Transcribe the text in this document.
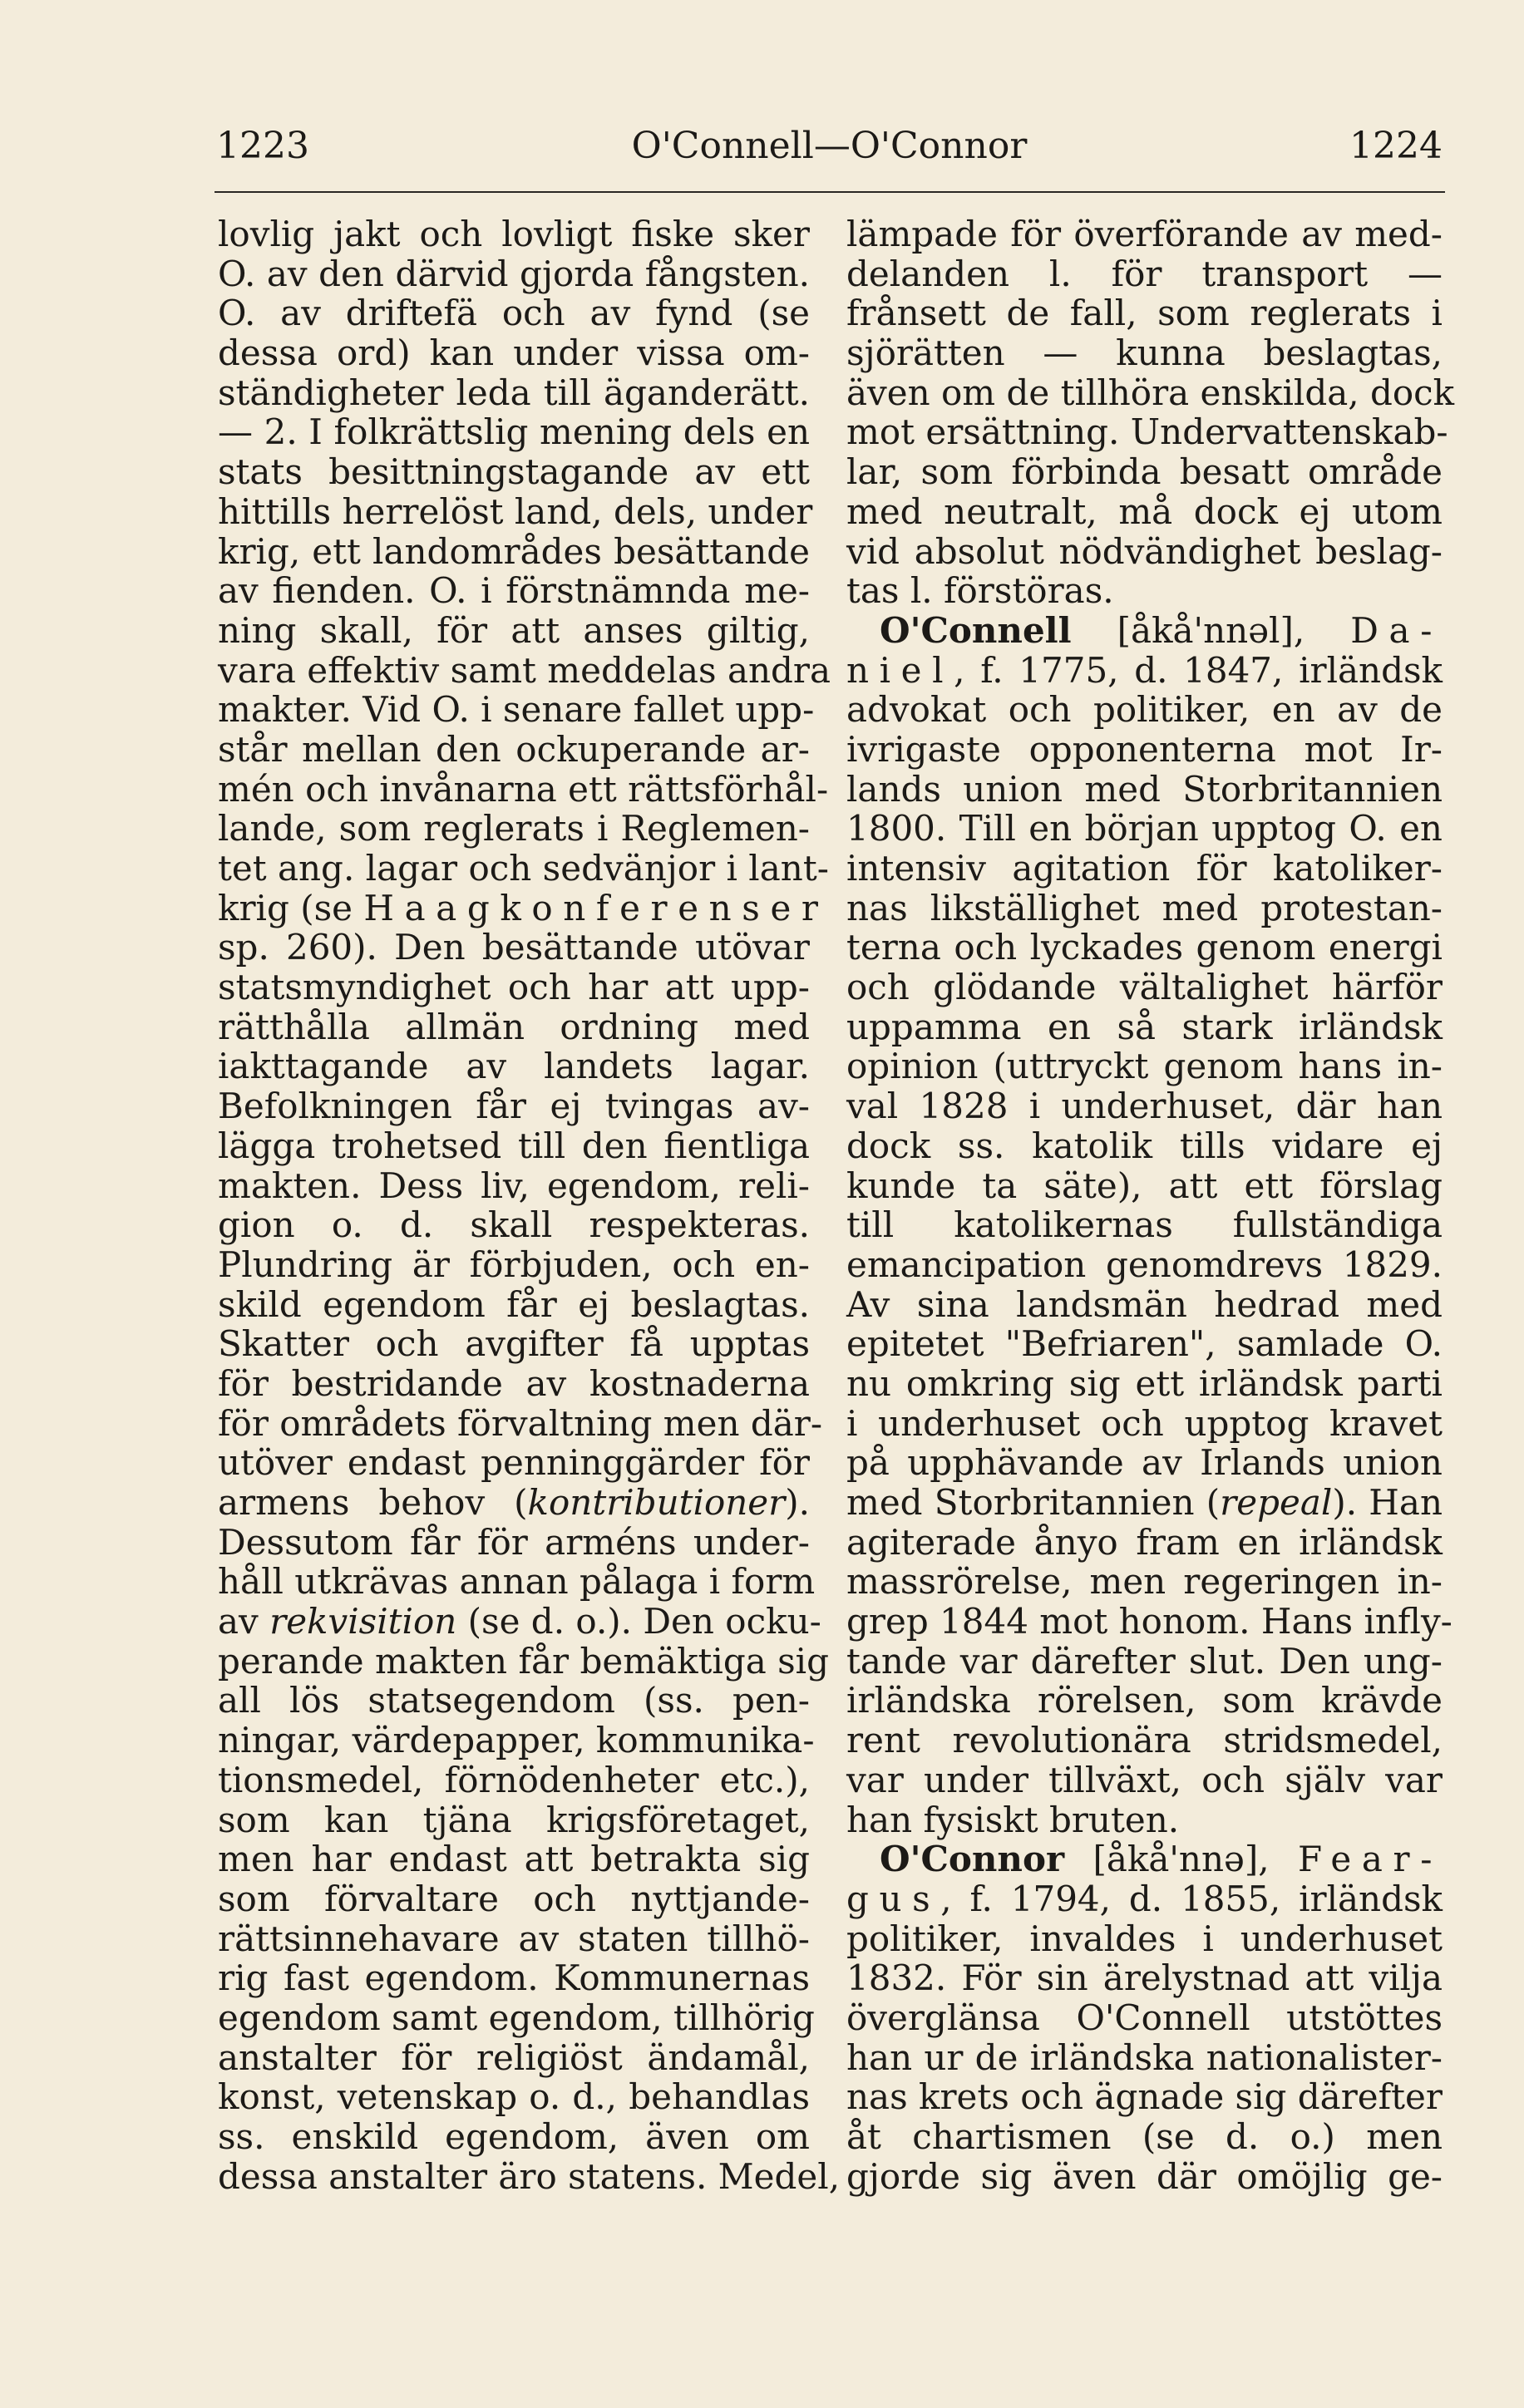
1223	O'Connell—O'Connor	1224
lovlig jakt och lovligt fiske sker
O. av den därvid gjorda fångsten.
O. av driftefä och av fynd (se
dessa ord) kan under vissa om-
ständigheter leda till äganderätt.
— 2. I folkrättslig mening dels en
stats besittningstagande av ett
hittills herrelöst land, dels, under
krig, ett landområdes besättande
av fienden. O. i förstnämnda me-
ning skall, för att anses giltig,
vara effektiv samt meddelas andra
makter. Vid O. i senare fallet upp-
står mellan den ockuperande ar-
mén och invånarna ett rättsförhål-
lande, som reglerats i Reglemen-
tet ang. lagar och sedvänjor i lant-
krig (se Haagkonferenser
sp. 260). Den besättande utövar
statsmyndighet och har att upp-
rätthålla allmän ordning med
iakttagande av landets lagar.
Befolkningen får ej tvingas av-
lägga trohetsed till den fientliga
makten. Dess liv, egendom, reli-
gion o. d. skall respekteras.
Plundring är förbjuden, och en-
skild egendom får ej beslagtas.
Skatter och avgifter få upptas
för bestridande av kostnaderna
för områdets förvaltning men där-
utöver endast penninggärder för
armens behov (kontributioner).
Dessutom får för arméns under-
håll utkrävas annan pålaga i form
av rekvisition (se d. o.). Den ocku-
perande makten får bemäktiga sig
all lös statsegendom (ss. pen-
ningar, värdepapper, kommunika-
tionsmedel, förnödenheter etc.),
som kan tjäna krigsföretaget,
men har endast att betrakta sig
som förvaltare och nyttjande-
rättsinnehavare av staten tillhö-
rig fast egendom. Kommunernas
egendom samt egendom, tillhörig
anstalter för religiöst ändamål,
konst, vetenskap o. d., behandlas
ss. enskild egendom, även om
dessa anstalter äro statens. Medel,
lämpade för överförande av med-
delanden l. för transport —
frånsett de fall, som reglerats i
sjörätten — kunna beslagtas,
även om de tillhöra enskilda, dock
mot ersättning. Undervattenskab-
lar, som förbinda besatt område
med neutralt, må dock ej utom
vid absolut nödvändighet beslag-
tas l. förstöras.
O'Connell [åkå'nnəl], Da-
niel, f. 1775, d. 1847, irländsk
advokat och politiker, en av de
ivrigaste opponenterna mot Ir-
lands union med Storbritannien
1800. Till en början upptog O. en
intensiv agitation för katoliker-
nas likställighet med protestan-
terna och lyckades genom energi
och glödande vältalighet härför
uppamma en så stark irländsk
opinion (uttryckt genom hans in-
val 1828 i underhuset, där han
dock ss. katolik tills vidare ej
kunde ta säte), att ett förslag
till katolikernas fullständiga
emancipation genomdrevs 1829.
Av sina landsmän hedrad med
epitetet "Befriaren", samlade O.
nu omkring sig ett irländsk parti
i underhuset och upptog kravet
på upphävande av Irlands union
med Storbritannien (repeal). Han
agiterade ånyo fram en irländsk
massrörelse, men regeringen in-
grep 1844 mot honom. Hans infly-
tande var därefter slut. Den ung-
irländska rörelsen, som krävde
rent revolutionära stridsmedel,
var under tillväxt, och själv var
han fysiskt bruten.
O'Connor [åkå'nnə], Fear-
gus, f. 1794, d. 1855, irländsk
politiker, invaldes i underhuset
1832. För sin ärelystnad att vilja
överglänsa O'Connell utstöttes
han ur de irländska nationalister-
nas krets och ägnade sig därefter
åt chartismen (se d. o.) men
gjorde sig även där omöjlig ge-
